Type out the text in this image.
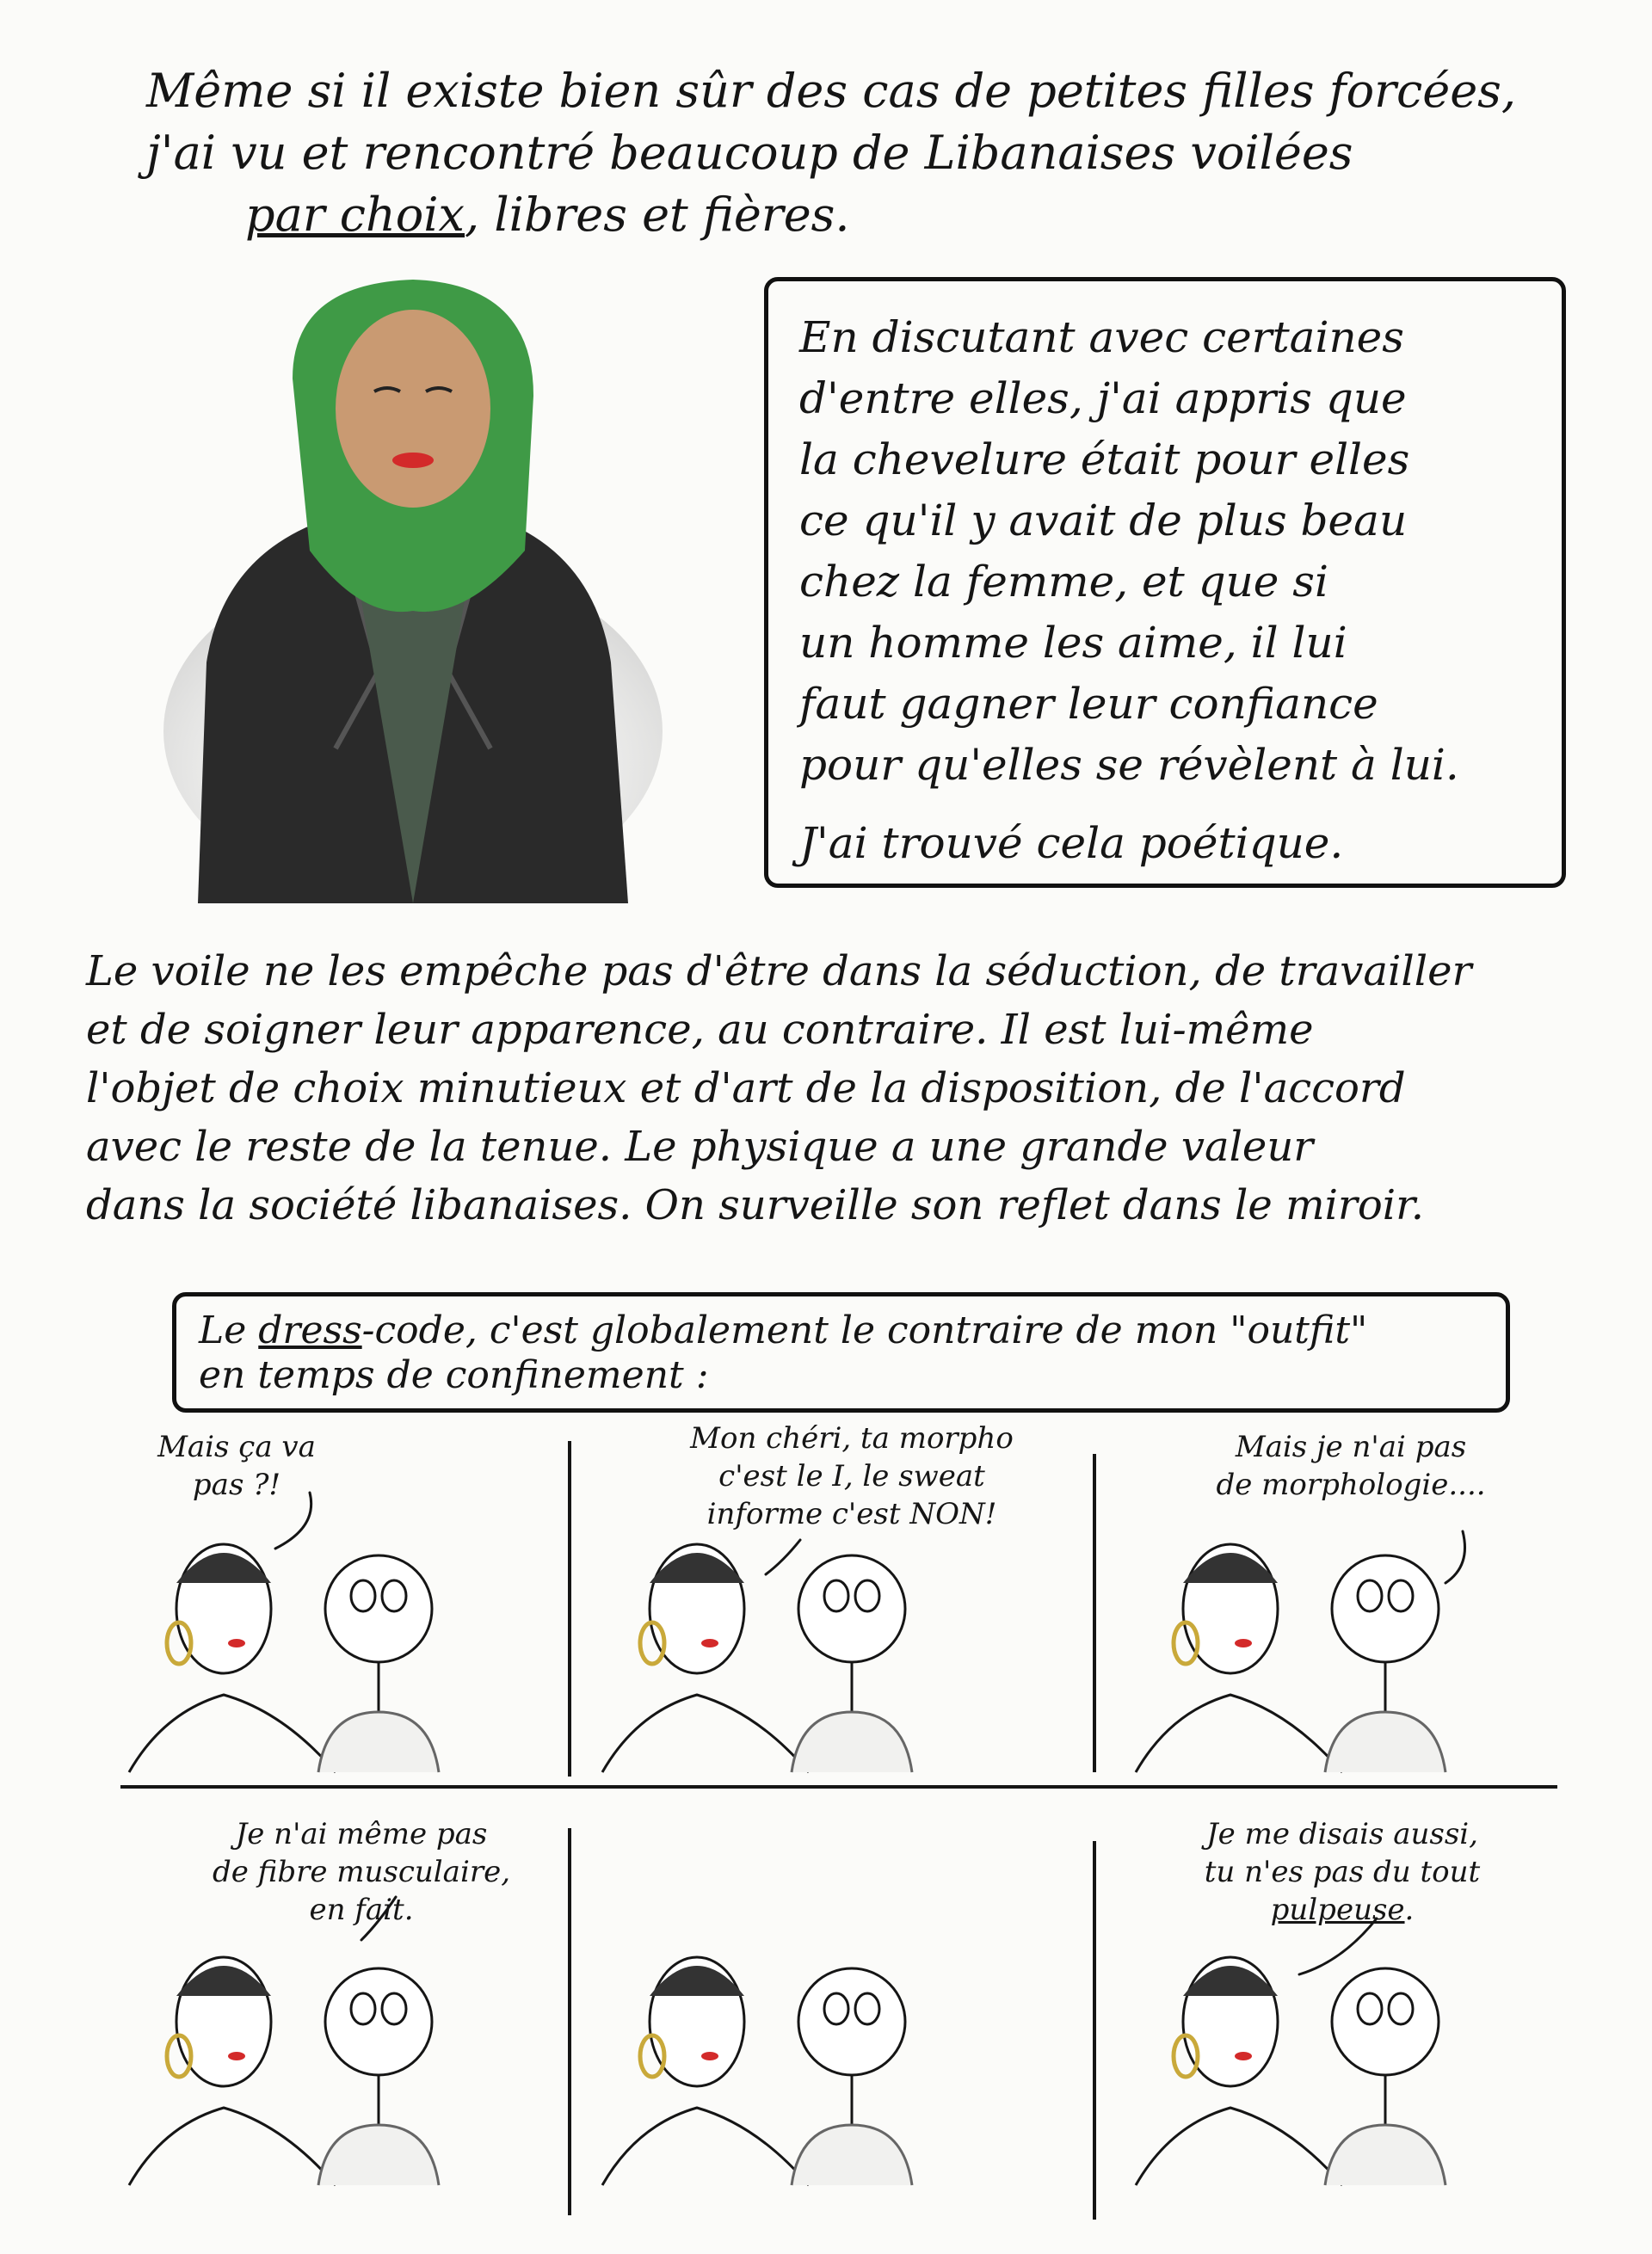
Même si il existe bien sûr des cas de petites filles forcées,

j'ai vu et rencontré beaucoup de Libanaises voilées
par choix, libres et fières.

En discutant avec certaines

d'entre elles, j'ai appris que

la chevelure était pour elles

ce qu'il y avait de plus beau

chez la femme, et que si

un homme les aime, il lui

faut gagner leur confiance

pour qu'elles se révèlent à lui.

J'ai trouvé cela poétique.

Le voile ne les empêche pas d'être dans la séduction, de travailler
et de soigner leur apparence, au contraire. Il est lui-même
l'objet de choix minutieux et d'art de la disposition, de l'accord
avec le reste de la tenue. Le physique a une grande valeur
dans la société libanaises. On surveille son reflet dans le miroir.
Le dress-code, c'est globalement le contraire de mon "outfit"
en temps de confinement :
Mais ça va
pas ?!
Mon chéri, ta morpho
c'est le I, le sweat
informe c'est NON!
Mais je n'ai pas
de morphologie....
Je n'ai même pas
de fibre musculaire,
en fait.
Je me disais aussi,
tu n'es pas du tout
pulpeuse.
